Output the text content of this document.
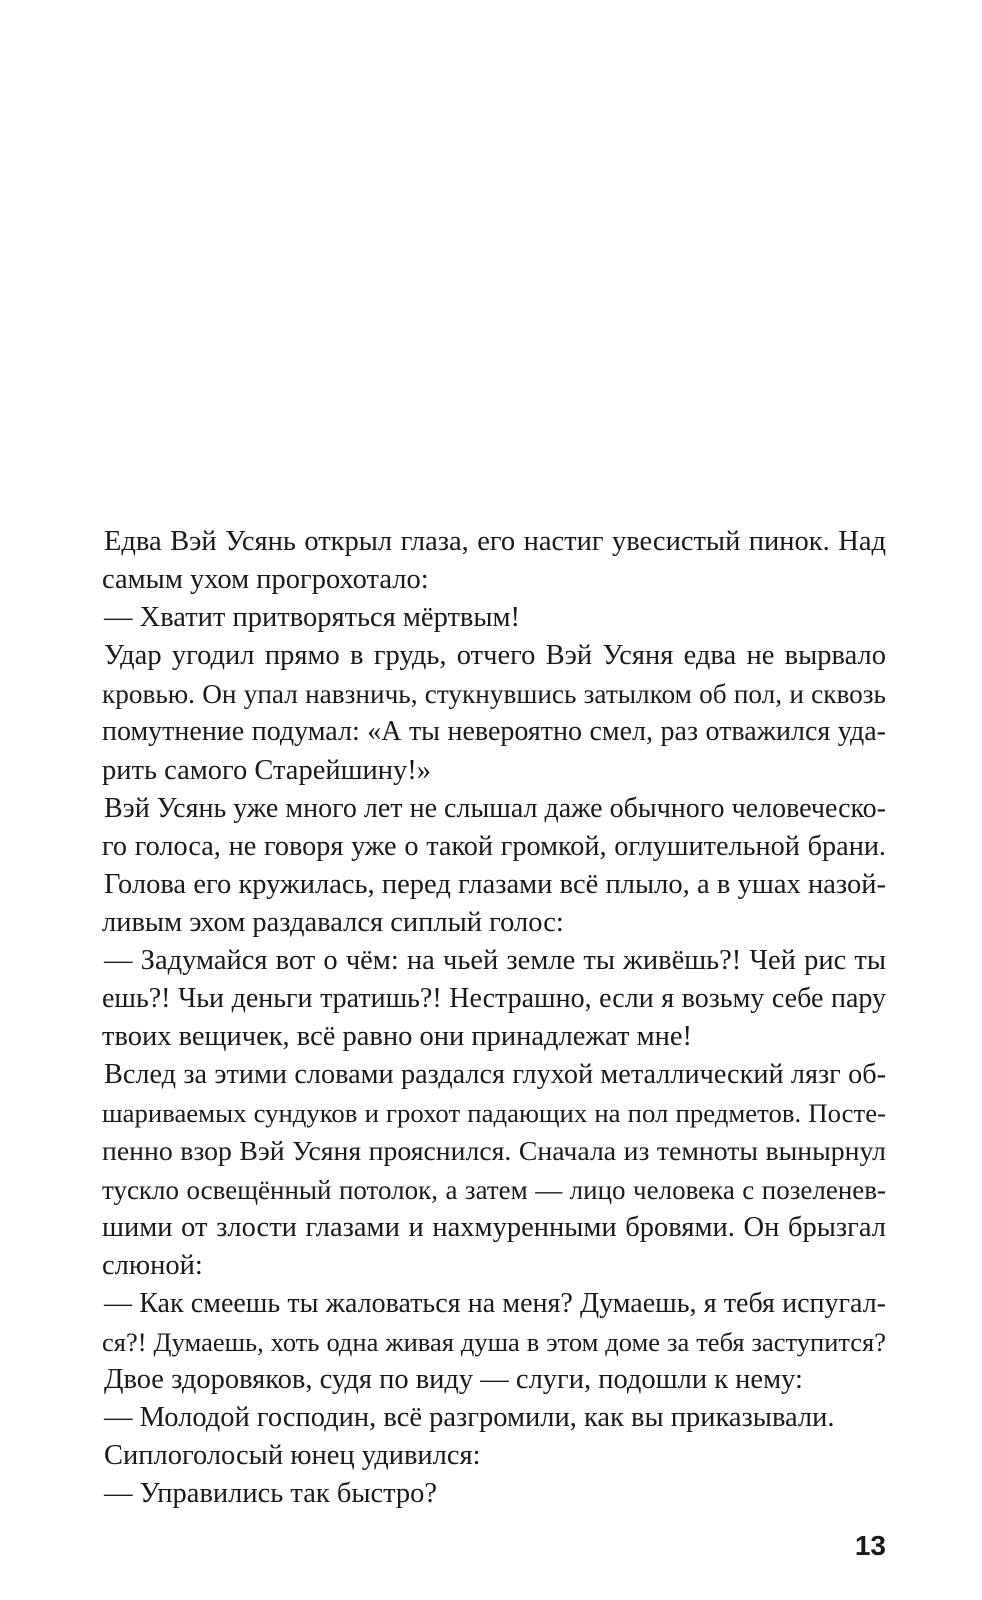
Едва Вэй Усянь открыл глаза, его настиг увесистый пинок. Над
самым ухом прогрохотало:
— Хватит притворяться мёртвым!
Удар угодил прямо в грудь, отчего Вэй Усяня едва не вырвало
кровью. Он упал навзничь, стукнувшись затылком об пол, и сквозь
помутнение подумал: «А ты невероятно смел, раз отважился уда-
рить самого Старейшину!»
Вэй Усянь уже много лет не слышал даже обычного человеческо-
го голоса, не говоря уже о такой громкой, оглушительной брани.
Голова его кружилась, перед глазами всё плыло, а в ушах назой-
ливым эхом раздавался сиплый голос:
— Задумайся вот о чём: на чьей земле ты живёшь?! Чей рис ты
ешь?! Чьи деньги тратишь?! Нестрашно, если я возьму себе пару
твоих вещичек, всё равно они принадлежат мне!
Вслед за этими словами раздался глухой металлический лязг об-
шариваемых сундуков и грохот падающих на пол предметов. Посте-
пенно взор Вэй Усяня прояснился. Сначала из темноты вынырнул
тускло освещённый потолок, а затем — лицо человека с позеленев-
шими от злости глазами и нахмуренными бровями. Он брызгал
слюной:
— Как смеешь ты жаловаться на меня? Думаешь, я тебя испугал-
ся?! Думаешь, хоть одна живая душа в этом доме за тебя заступится?
Двое здоровяков, судя по виду — слуги, подошли к нему:
— Молодой господин, всё разгромили, как вы приказывали.
Сиплоголосый юнец удивился:
— Управились так быстро?
13
